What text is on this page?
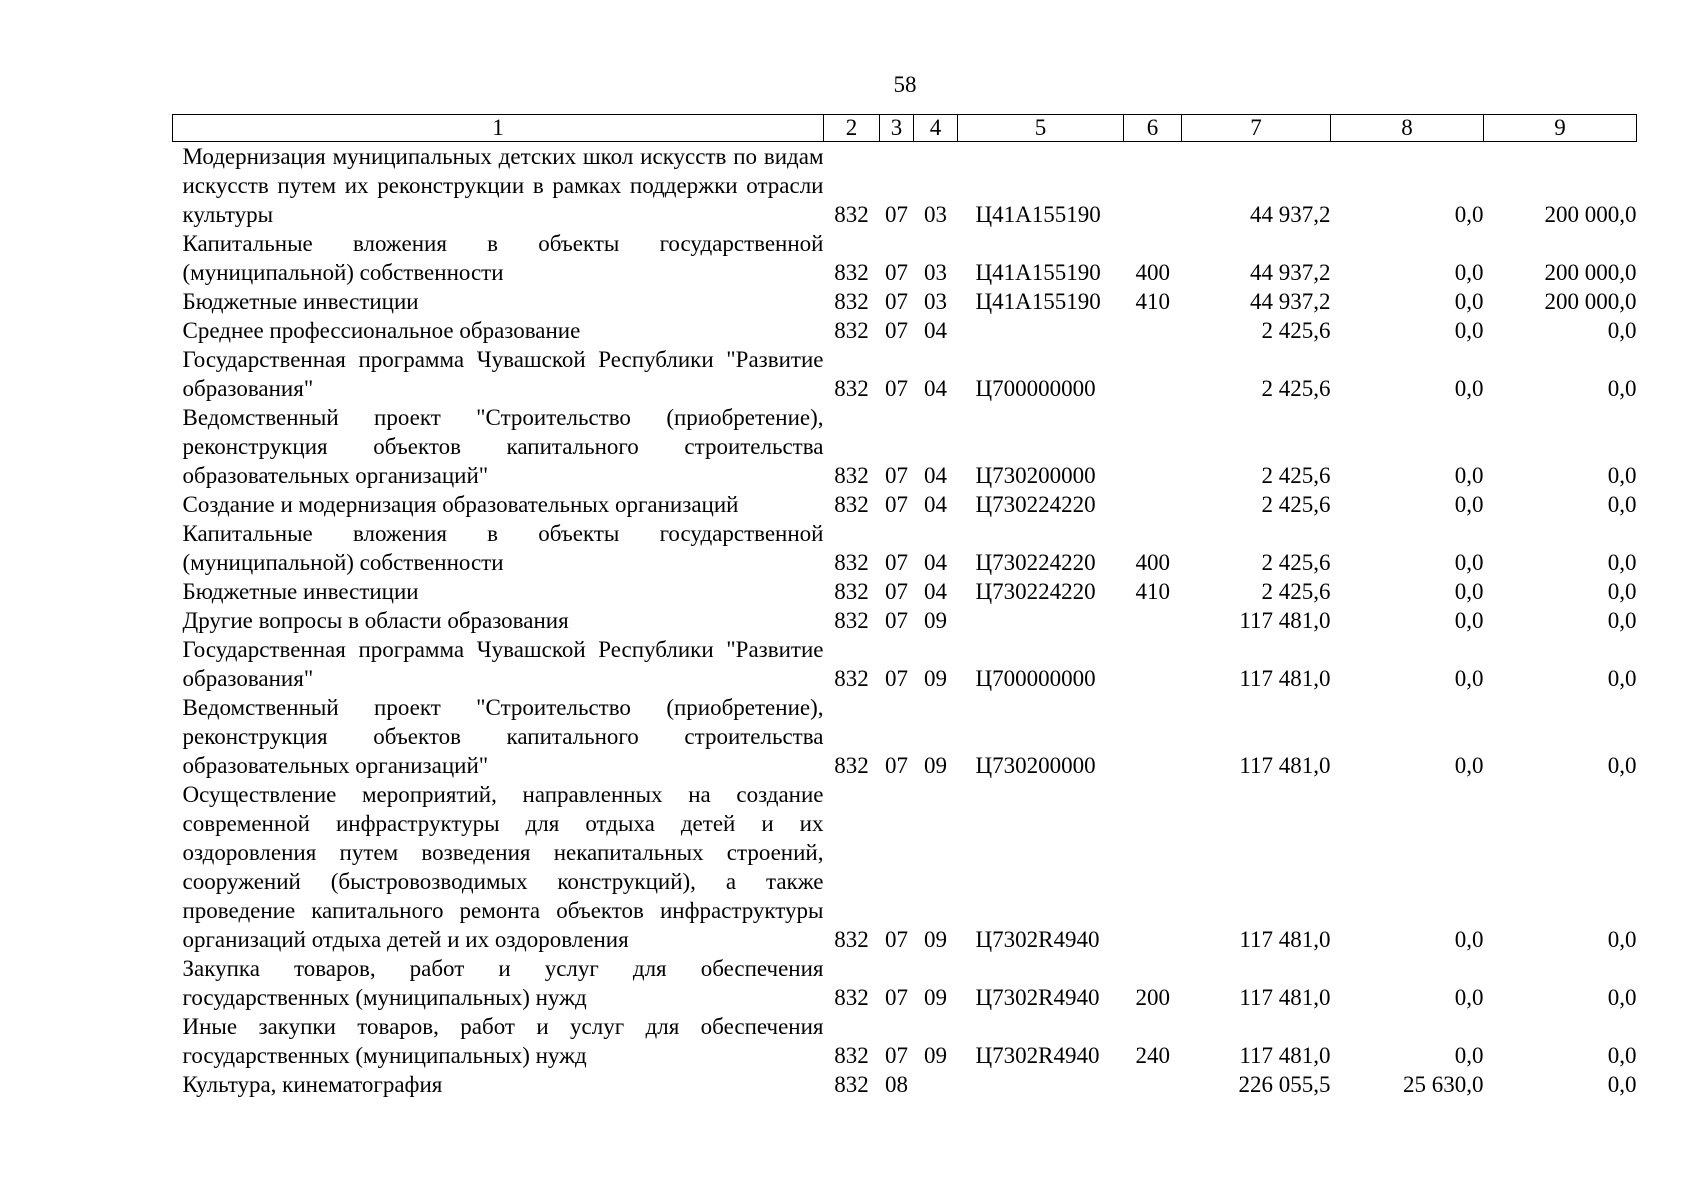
58
1	2	3	4	5	6	7	8	9
Модернизация муниципальных детских школ искусств по видам искусств путем их реконструкции в рамках поддержки отрасли культуры	832	07	03	Ц41А155190		44 937,2	0,0	200 000,0
Капитальные вложения в объекты государственной (муниципальной) собственности	832	07	03	Ц41А155190	400	44 937,2	0,0	200 000,0
Бюджетные инвестиции	832	07	03	Ц41А155190	410	44 937,2	0,0	200 000,0
Среднее профессиональное образование	832	07	04			2 425,6	0,0	0,0
Государственная программа Чувашской Республики "Развитие образования"	832	07	04	Ц700000000		2 425,6	0,0	0,0
Ведомственный проект "Строительство (приобретение), реконструкция объектов капитального строительства образовательных организаций"	832	07	04	Ц730200000		2 425,6	0,0	0,0
Создание и модернизация образовательных организаций	832	07	04	Ц730224220		2 425,6	0,0	0,0
Капитальные вложения в объекты государственной (муниципальной) собственности	832	07	04	Ц730224220	400	2 425,6	0,0	0,0
Бюджетные инвестиции	832	07	04	Ц730224220	410	2 425,6	0,0	0,0
Другие вопросы в области образования	832	07	09			117 481,0	0,0	0,0
Государственная программа Чувашской Республики "Развитие образования"	832	07	09	Ц700000000		117 481,0	0,0	0,0
Ведомственный проект "Строительство (приобретение), реконструкция объектов капитального строительства образовательных организаций"	832	07	09	Ц730200000		117 481,0	0,0	0,0
Осуществление мероприятий, направленных на создание современной инфраструктуры для отдыха детей и их оздоровления путем возведения некапитальных строений, сооружений (быстровозводимых конструкций), а также проведение капитального ремонта объектов инфраструктуры организаций отдыха детей и их оздоровления	832	07	09	Ц7302R4940		117 481,0	0,0	0,0
Закупка товаров, работ и услуг для обеспечения государственных (муниципальных) нужд	832	07	09	Ц7302R4940	200	117 481,0	0,0	0,0
Иные закупки товаров, работ и услуг для обеспечения государственных (муниципальных) нужд	832	07	09	Ц7302R4940	240	117 481,0	0,0	0,0
Культура, кинематография	832	08				226 055,5	25 630,0	0,0
